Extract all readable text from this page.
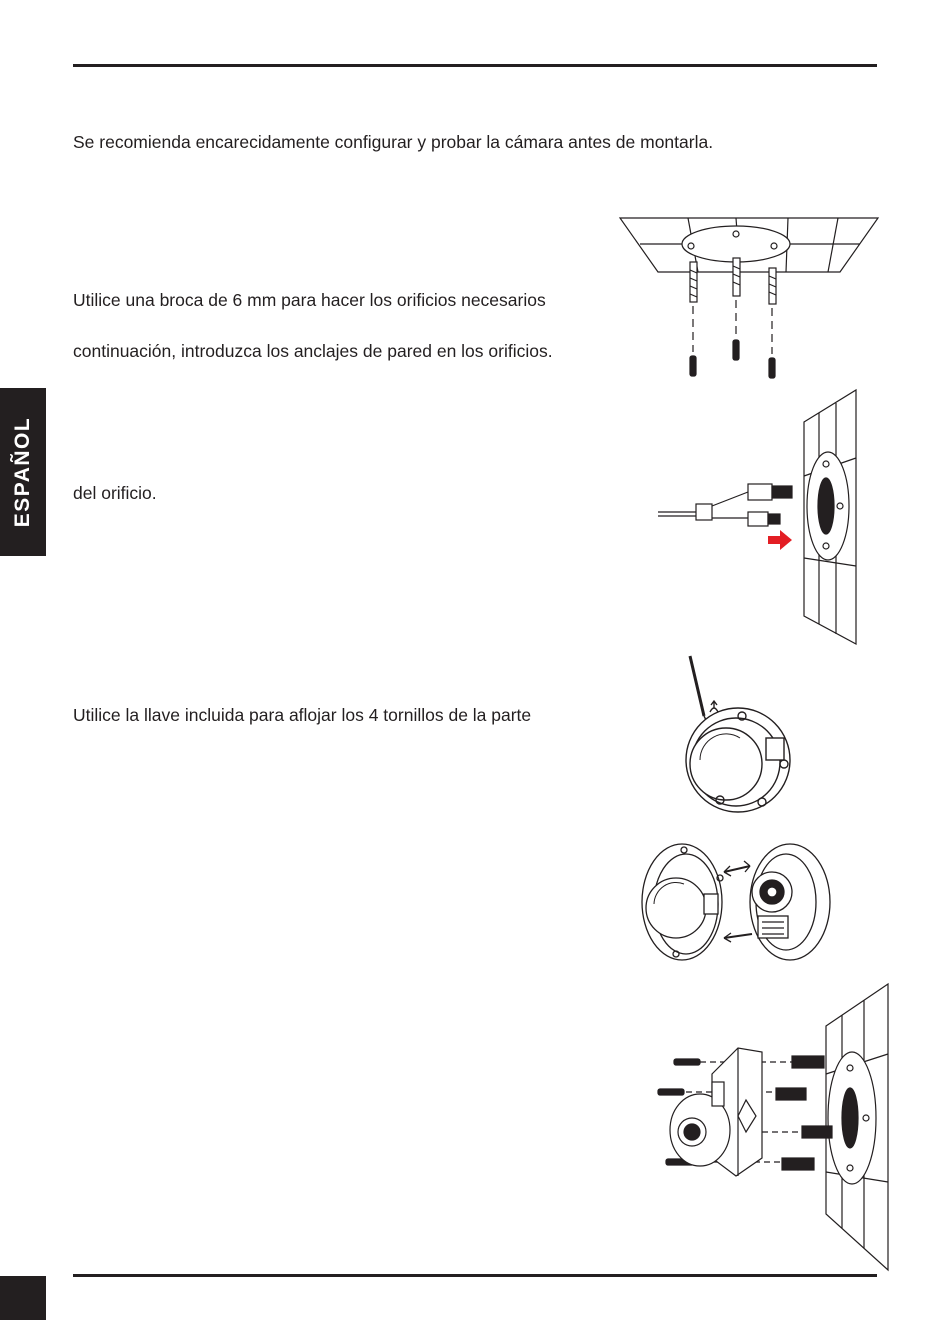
ESPAÑOL

Se recomienda encarecidamente configurar y probar la cámara antes de montarla.

Utilice una broca de 6 mm para hacer los orificios necesarios

continuación, introduzca los anclajes de pared en los orificios.

del orificio.

Utilice la llave incluida para aflojar los 4 tornillos de la parte
